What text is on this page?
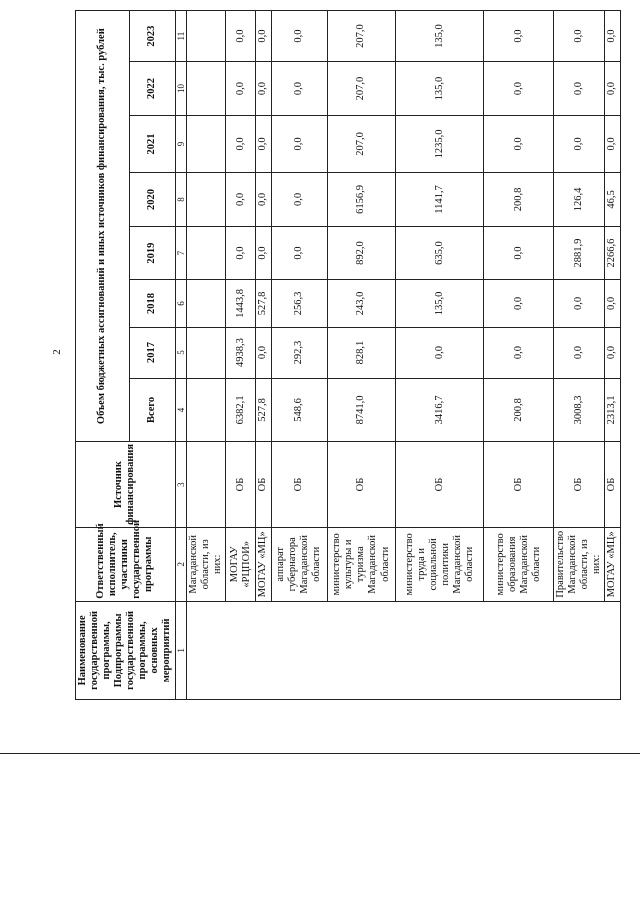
2
Наименование государственной программы, Подпрограммы государственной программы, основных мероприятий	Ответственный исполнитель, участники государственной программы	Источник финансирования	Объем бюджетных ассигнований и иных источников финансирования, тыс. рублей							
			Всего	2017	2018	2019	2020	2021	2022	2023
1	2	3	4	5	6	7	8	9	10	11
	Магаданской области, из них:									
	МОГАУ «РЦПОИ»	ОБ	6382,1	4938,3	1443,8	0,0	0,0	0,0	0,0	0,0
	МОГАУ «МЦ»	ОБ	527,8	0,0	527,8	0,0	0,0	0,0	0,0	0,0
	аппарат губернатора Магаданской области	ОБ	548,6	292,3	256,3	0,0	0,0	0,0	0,0	0,0
	министерство культуры и туризма Магаданской области	ОБ	8741,0	828,1	243,0	892,0	6156,9	207,0	207,0	207,0
	министерство труда и социальной политики Магаданской области	ОБ	3416,7	0,0	135,0	635,0	1141,7	1235,0	135,0	135,0
	министерство образования Магаданской области	ОБ	200,8	0,0	0,0	0,0	200,8	0,0	0,0	0,0
	Правительство Магаданской области, из них:	ОБ	3008,3	0,0	0,0	2881,9	126,4	0,0	0,0	0,0
	МОГАУ «МЦ»	ОБ	2313,1	0,0	0,0	2266,6	46,5	0,0	0,0	0,0
